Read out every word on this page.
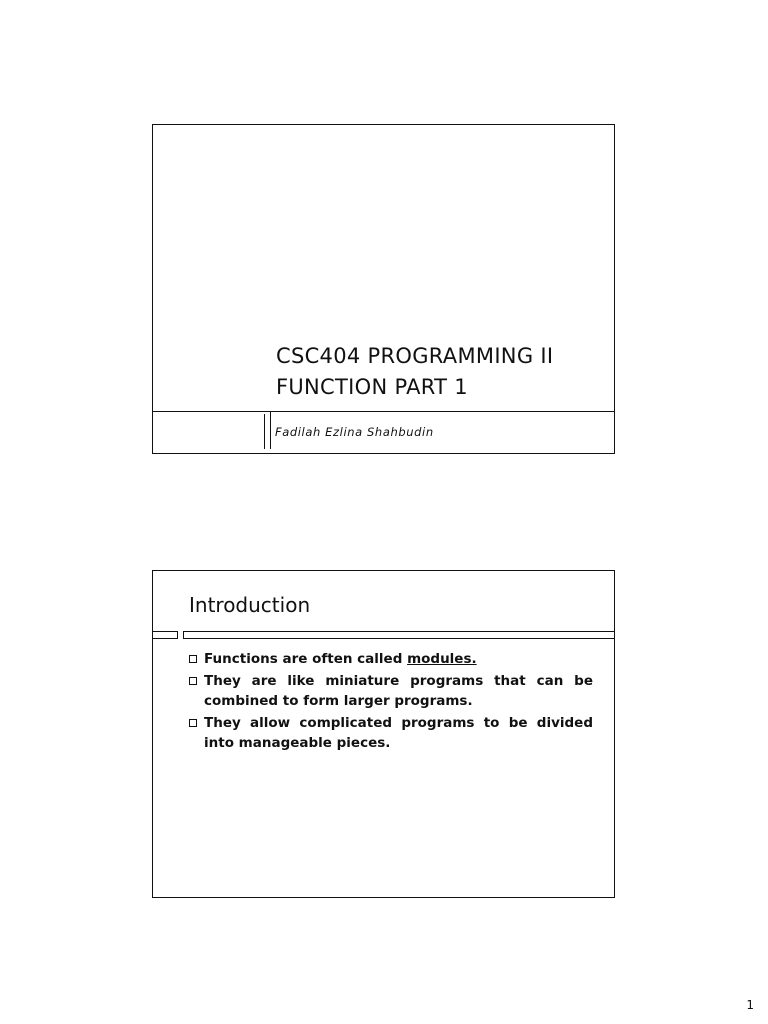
CSC404 PROGRAMMING II
FUNCTION PART 1
Fadilah Ezlina Shahbudin
Introduction
Functions are often called modules.
They are like miniature programs that can be combined to form larger programs.
They allow complicated programs to be divided into manageable pieces.
1
